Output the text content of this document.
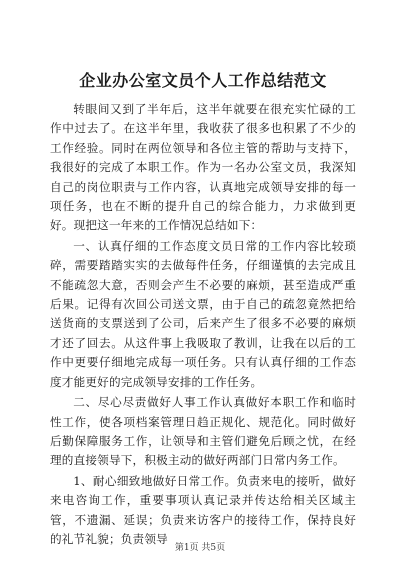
企业办公室文员个人工作总结范文

转眼间又到了半年后，这半年就要在很充实忙碌的工作中过去了。在这半年里，我收获了很多也积累了不少的工作经验。同时在两位领导和各位主管的帮助与支持下，我很好的完成了本职工作。作为一名办公室文员，我深知自己的岗位职责与工作内容，认真地完成领导安排的每一项任务，也在不断的提升自己的综合能力，力求做到更好。现把这一年来的工作情况总结如下：

一、认真仔细的工作态度文员日常的工作内容比较琐碎，需要踏踏实实的去做每件任务，仔细谨慎的去完成且不能疏忽大意，否则会产生不必要的麻烦，甚至造成严重后果。记得有次回公司送文票，由于自己的疏忽竟然把给送货商的支票送到了公司，后来产生了很多不必要的麻烦才还了回去。从这件事上我吸取了教训，让我在以后的工作中更要仔细地完成每一项任务。只有认真仔细的工作态度才能更好的完成领导安排的工作任务。

二、尽心尽责做好人事工作认真做好本职工作和临时性工作，使各项档案管理日趋正规化、规范化。同时做好后勤保障服务工作，让领导和主管们避免后顾之忧，在经理的直接领导下，积极主动的做好两部门日常内务工作。

1、耐心细致地做好日常工作。负责来电的接听，做好来电咨询工作，重要事项认真记录并传达给相关区域主管，不遗漏、延误；负责来访客户的接待工作，保持良好的礼节礼貌；负责领导

第1页 共5页
